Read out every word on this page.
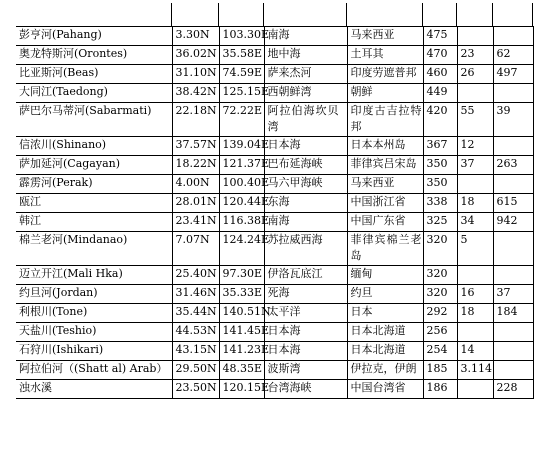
彭亨河(Pahang)	3.30N	103.30E	南海	马来西亚	475		
奥龙特斯河(Orontes)	36.02N	35.58E	地中海	土耳其	470	23	62
比亚斯河(Beas)	31.10N	74.59E	萨来杰河	印度劳遮普邦	460	26	497
大同江(Taedong)	38.42N	125.15E	西朝鲜湾	朝鲜	449		
萨巴尔马蒂河(Sabarmati)	22.18N	72.22E	阿拉伯海坎贝湾	印度古吉拉特邦	420	55	39
信浓川(Shinano)	37.57N	139.04E	日本海	日本本州岛	367	12	
萨加延河(Cagayan)	18.22N	121.37E	巴布延海峡	菲律宾吕宋岛	350	37	263
霹雳河(Perak)	4.00N	100.40E	马六甲海峡	马来西亚	350		
瓯江	28.01N	120.44E	东海	中国浙江省	338	18	615
韩江	23.41N	116.38E	南海	中国广东省	325	34	942
棉兰老河(Mindanao)	7.07N	124.24E	苏拉威西海	菲律宾棉兰老岛	320	5	
迈立开江(Mali Hka)	25.40N	97.30E	伊洛瓦底江	缅甸	320		
约旦河(Jordan)	31.46N	35.33E	死海	约旦	320	16	37
利根川(Tone)	35.44N	140.51N	太平洋	日本	292	18	184
天盐川(Teshio)	44.53N	141.45E	日本海	日本北海道	256		
石狩川(Ishikari)	43.15N	141.23E	日本海	日本北海道	254	14	
阿拉伯河（(Shatt al) Arab）	29.50N	48.35E	波斯湾	伊拉克，伊朗	185	3.114	
浊水溪	23.50N	120.15E	台湾海峡	中国台湾省	186		228
